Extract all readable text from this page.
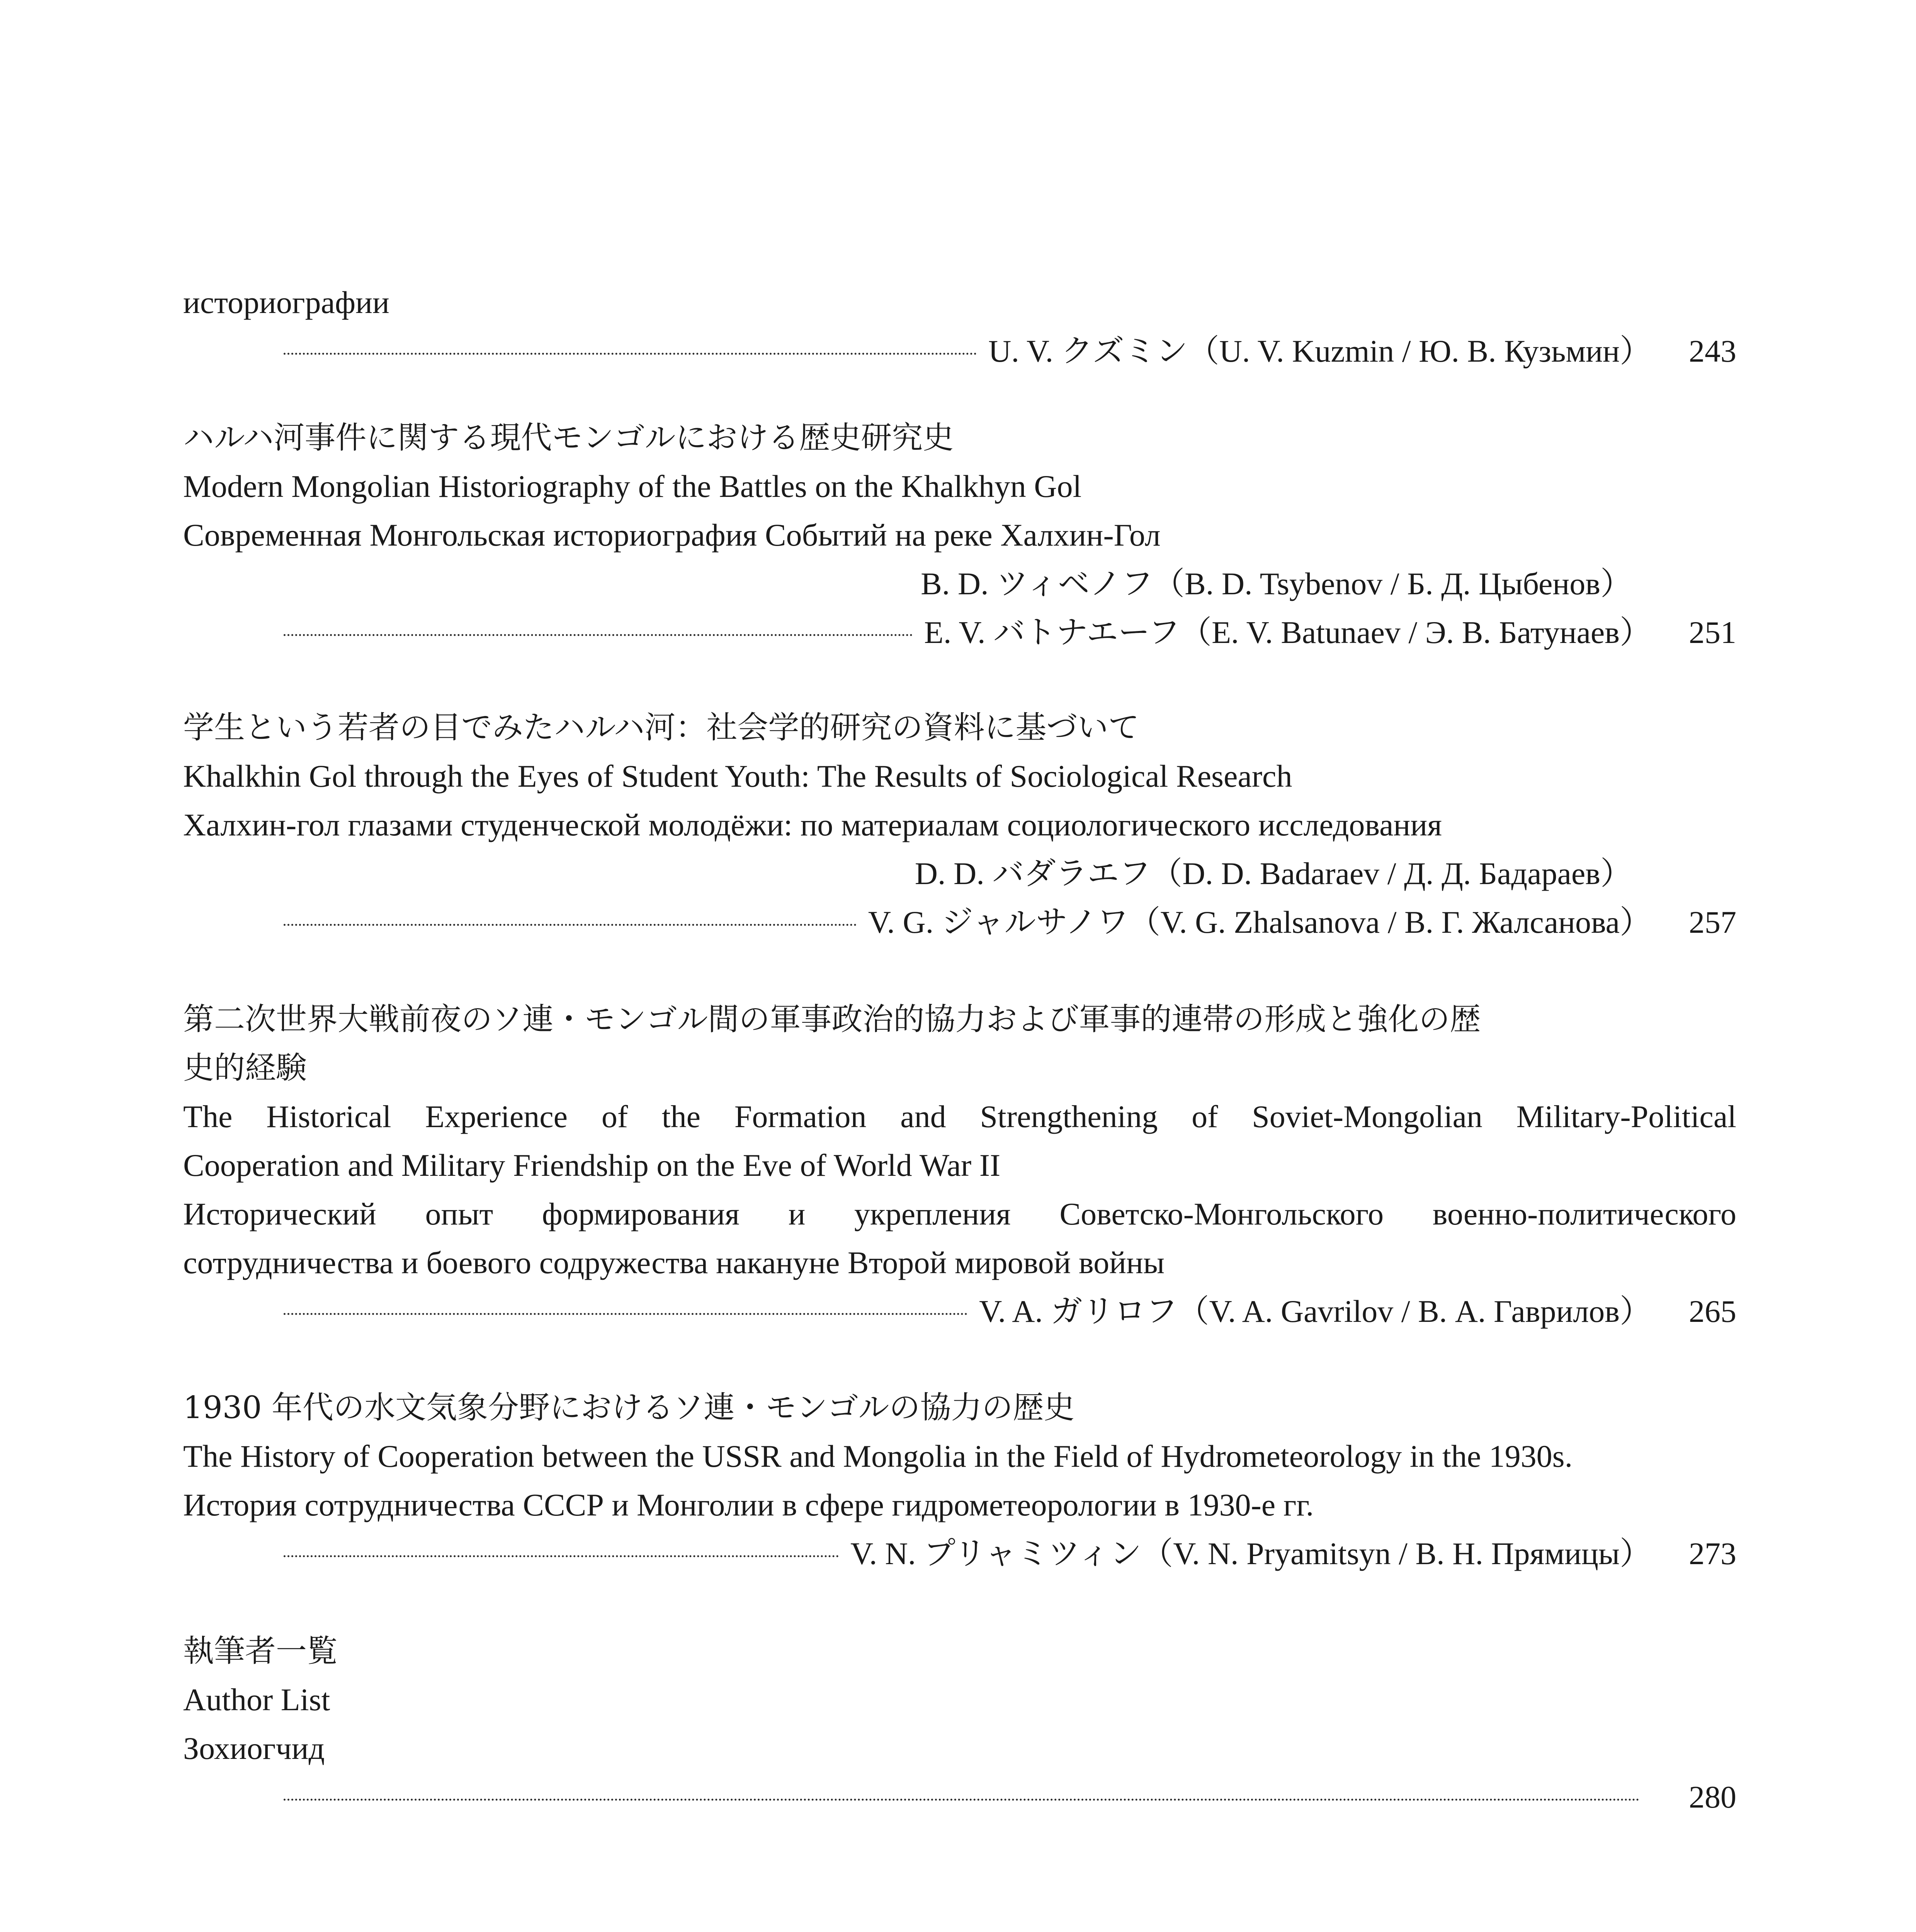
историографии
U. V. クズミン（U. V. Kuzmin / Ю. В. Кузьмин）	243
ハルハ河事件に関する現代モンゴルにおける歴史研究史
Modern Mongolian Historiography of the Battles on the Khalkhyn Gol
Современная Монгольская историография Событий на реке Халхин-Гол
B. D. ツィベノフ（B. D. Tsybenov / Б. Д. Цыбенов）
E. V. バトナエーフ（E. V. Batunaev / Э. В. Батунаев）	251
学生という若者の目でみたハルハ河：社会学的研究の資料に基づいて
Khalkhin Gol through the Eyes of Student Youth: The Results of Sociological Research
Халхин-гол глазами студенческой молодёжи: по материалам социологического исследования
D. D. バダラエフ（D. D. Badaraev / Д. Д. Бадараев）
V. G. ジャルサノワ（V. G. Zhalsanova / В. Г. Жалсанова）	257
第二次世界大戦前夜のソ連・モンゴル間の軍事政治的協力および軍事的連帯の形成と強化の歴
史的経験
The Historical Experience of the Formation and Strengthening of Soviet-Mongolian Military-Political
Cooperation and Military Friendship on the Eve of World War II
Исторический опыт формирования и укрепления Советско-Монгольского военно-политического
сотрудничества и боевого содружества накануне Второй мировой войны
V. A. ガリロフ（V. A. Gavrilov / В. А. Гаврилов）	265
1930 年代の水文気象分野におけるソ連・モンゴルの協力の歴史
The History of Cooperation between the USSR and Mongolia in the Field of Hydrometeorology in the 1930s.
История сотрудничества СССР и Монголии в сфере гидрометеорологии в 1930-е гг.
V. N. プリャミツィン（V. N. Pryamitsyn / В. Н. Прямицы）	273
執筆者一覧
Author List
Зохиогчид
280
